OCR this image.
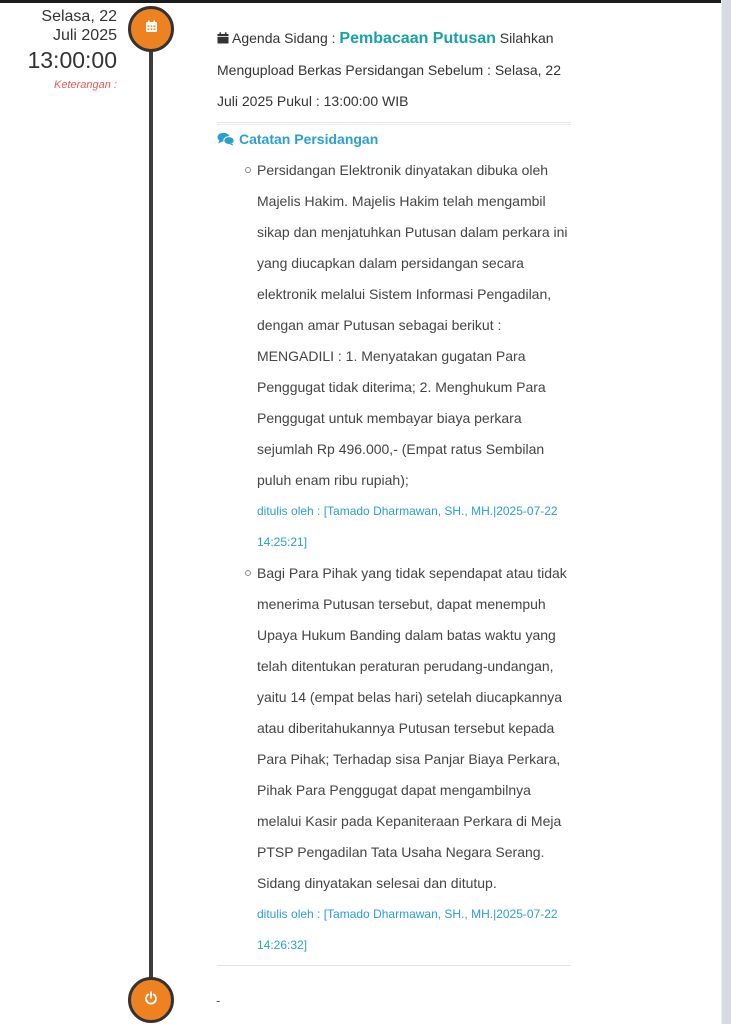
Selasa, 22
Juli 2025
13:00:00
Keterangan :
Agenda Sidang : Pembacaan Putusan Silahkan Mengupload Berkas Persidangan Sebelum : Selasa, 22 Juli 2025 Pukul : 13:00:00 WIB
Catatan Persidangan
Persidangan Elektronik dinyatakan dibuka oleh Majelis Hakim. Majelis Hakim telah mengambil sikap dan menjatuhkan Putusan dalam perkara ini yang diucapkan dalam persidangan secara elektronik melalui Sistem Informasi Pengadilan, dengan amar Putusan sebagai berikut : MENGADILI : 1. Menyatakan gugatan Para Penggugat tidak diterima; 2. Menghukum Para Penggugat untuk membayar biaya perkara sejumlah Rp 496.000,- (Empat ratus Sembilan puluh enam ribu rupiah);
ditulis oleh : [Tamado Dharmawan, SH., MH.|2025-07-22 14:25:21]
Bagi Para Pihak yang tidak sependapat atau tidak menerima Putusan tersebut, dapat menempuh Upaya Hukum Banding dalam batas waktu yang telah ditentukan peraturan perudang-undangan, yaitu 14 (empat belas hari) setelah diucapkannya atau diberitahukannya Putusan tersebut kepada Para Pihak; Terhadap sisa Panjar Biaya Perkara, Pihak Para Penggugat dapat mengambilnya melalui Kasir pada Kepaniteraan Perkara di Meja PTSP Pengadilan Tata Usaha Negara Serang. Sidang dinyatakan selesai dan ditutup.
ditulis oleh : [Tamado Dharmawan, SH., MH.|2025-07-22 14:26:32]
-
